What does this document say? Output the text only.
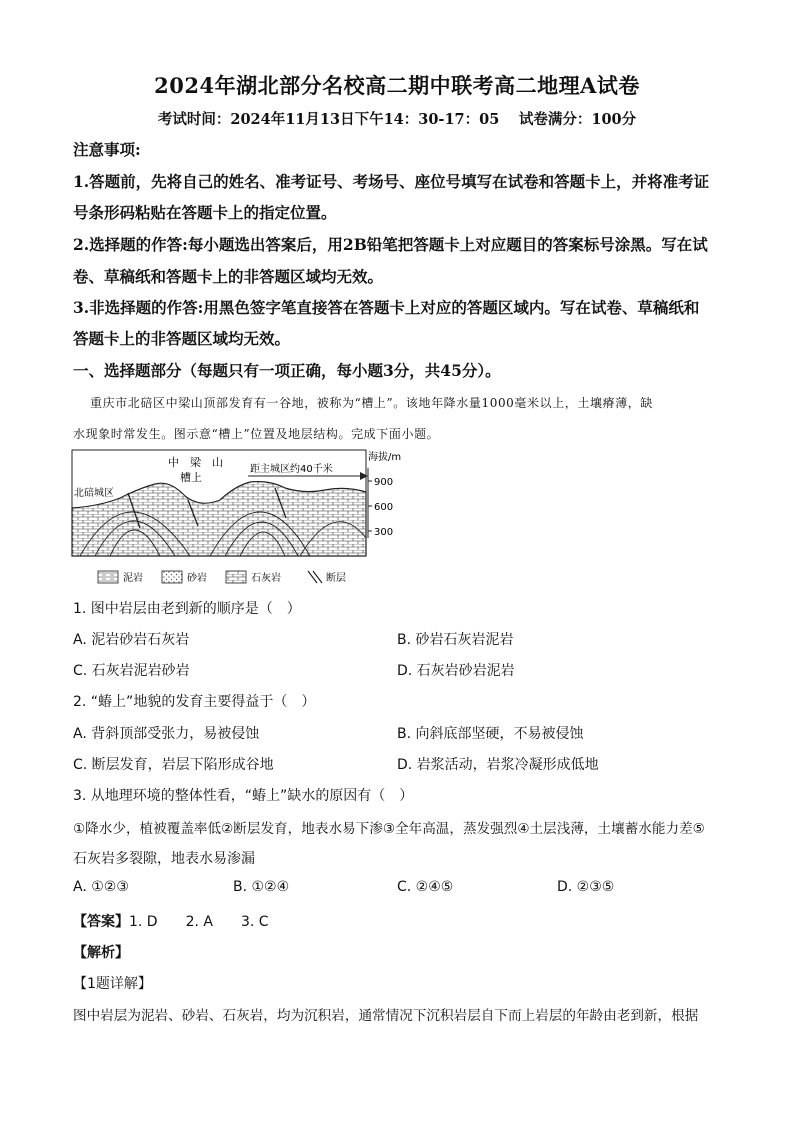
2024年湖北部分名校高二期中联考高二地理A试卷
考试时间：2024年11月13日下午14：30-17：05　 试卷满分：100分
注意事项:
1.答题前，先将自己的姓名、准考证号、考场号、座位号填写在试卷和答题卡上，并将准考证
号条形码粘贴在答题卡上的指定位置。
2.选择题的作答:每小题选出答案后，用2B铅笔把答题卡上对应题目的答案标号涂黑。写在试
卷、草稿纸和答题卡上的非答题区域均无效。
3.非选择题的作答:用黑色签字笔直接答在答题卡上对应的答题区域内。写在试卷、草稿纸和
答题卡上的非答题区域均无效。
一、选择题部分（每题只有一项正确，每小题3分，共45分）。
重庆市北碚区中梁山顶部发育有一谷地，被称为“槽上”。该地年降水量1000毫米以上，土壤瘠薄，缺
水现象时常发生。图示意“槽上”位置及地层结构。完成下面小题。
中　梁　山
槽上
距主城区约40千米
北碚城区
海拔/m
900
600
300
泥岩	砂岩	石灰岩	断层
1. 图中岩层由老到新的顺序是（　）
A. 泥岩砂岩石灰岩	B. 砂岩石灰岩泥岩
C. 石灰岩泥岩砂岩	D. 石灰岩砂岩泥岩
2. “蝽上”地貌的发育主要得益于（　）
A. 背斜顶部受张力，易被侵蚀	B. 向斜底部坚硬，不易被侵蚀
C. 断层发育，岩层下陷形成谷地	D. 岩浆活动，岩浆冷凝形成低地
3. 从地理环境的整体性看，“蝽上”缺水的原因有（　）
①降水少，植被覆盖率低②断层发育，地表水易下渗③全年高温，蒸发强烈④土层浅薄，土壤蓄水能力差⑤
石灰岩多裂隙，地表水易渗漏
A. ①②③	B. ①②④	C. ②④⑤	D. ②③⑤
【答案】1. D　　2. A　　3. C
【解析】
【1题详解】
图中岩层为泥岩、砂岩、石灰岩，均为沉积岩，通常情况下沉积岩层自下而上岩层的年龄由老到新，根据
